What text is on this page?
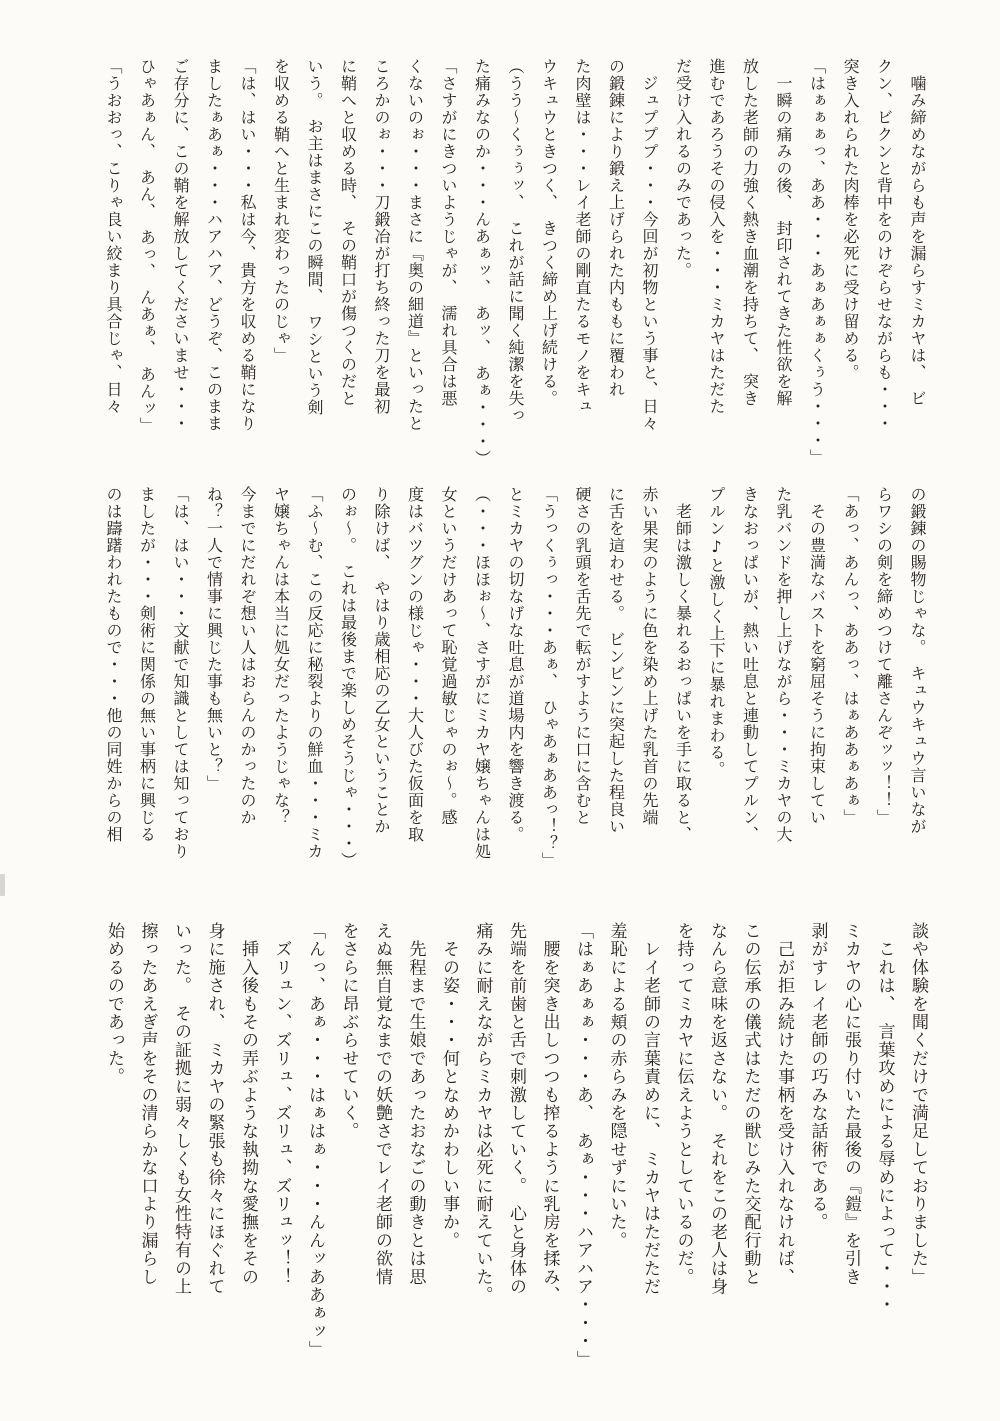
　噛み締めながらも声を漏らすミカヤは、　ビ
クン、ビクンと背中をのけぞらせながらも・・・
突き入れられた肉棒を必死に受け留める。
「はぁぁぁっ、ああ・・・あぁあぁぁくぅう・・・」
　一瞬の痛みの後、　封印されてきた性欲を解
放した老師の力強く熱き血潮を持ちて、　突き
進むであろうその侵入を・・・ミカヤはただた
だ受け入れるのみであった。
　ジュプププ・・・今回が初物という事と、日々
の鍛錬により鍛え上げられた内ももに覆われ
た肉壁は・・・レイ老師の剛直たるモノをキュ
ウキュウときつく、　きつく締め上げ続ける。
（うう〜くぅぅッ、　これが話に聞く純潔を失っ
た痛みなのか・・・んあぁッ、　あッ、　あぁ・・・）
「さすがにきついようじゃが、　濡れ具合は悪
くないのぉ・・・まさに『奥の細道』といったと
ころかのぉ・・・刀鍛冶が打ち終った刀を最初
に鞘へと収める時、　その鞘口が傷つくのだと
いう。　お主はまさにこの瞬間、　ワシという剣
を収める鞘へと生まれ変わったのじゃ」
「は、はい・・・私は今、貴方を収める鞘になり
ましたぁあぁ・・・ハアハア、どうぞ、このまま
ご存分に、この鞘を解放してくださいませ・・・
ひゃあぁん、　あん、　あっ、　んあぁ、　あんッ」
「うおおっ、こりゃ良い絞まり具合じゃ、日々
の鍛錬の賜物じゃな。　キュウキュウ言いなが
らワシの剣を締めつけて離さんぞッッ！！」
「あっ、あんっ、ああっ、はぁああぁあぁ」
　その豊満なバストを窮屈そうに拘束してい
た乳バンドを押し上げながら・・・ミカヤの大
きなおっぱいが、熱い吐息と連動してプルン、
プルン♪と激しく上下に暴れまわる。
　老師は激しく暴れるおっぱいを手に取ると、
赤い果実のように色を染め上げた乳首の先端
に舌を這わせる。　ビンビンに突起した程良い
硬さの乳頭を舌先で転がすように口に含むと
「うっくぅっ・・・あぁ、　ひゃあぁああっ！？」
とミカヤの切なげな吐息が道場内を響き渡る。
（・・・ほほぉ〜、さすがにミカヤ嬢ちゃんは処
女というだけあって恥覚過敏じゃのぉ〜。感
度はバツグンの様じゃ・・・大人びた仮面を取
り除けば、　やはり歳相応の乙女ということか
のぉ〜。　これは最後まで楽しめそうじゃ・・・）
「ふ〜む、この反応に秘裂よりの鮮血・・・ミカ
ヤ嬢ちゃんは本当に処女だったようじゃな？
今までにだれぞ想い人はおらんのかったのか
ね？一人で情事に興じた事も無いと？」
「は、はい・・・文献で知識としては知っており
ましたが・・・剣術に関係の無い事柄に興じる
のは躊躇われたもので・・・他の同姓からの相
談や体験を聞くだけで満足しておりました」
　これは、　言葉攻めによる辱めによって・・・
ミカヤの心に張り付いた最後の『鎧』を引き
剥がすレイ老師の巧みな話術である。
　己が拒み続けた事柄を受け入れなければ、
この伝承の儀式はただの獣じみた交配行動と
なんら意味を返さない。　それをこの老人は身
を持ってミカヤに伝えようとしているのだ。
　レイ老師の言葉責めに、　ミカヤはただただ
羞恥による頬の赤らみを隠せずにいた。
「はぁあぁぁ・・・あ、　あぁ・・・ハアハア・・・」
　腰を突き出しつつも搾るように乳房を揉み、
先端を前歯と舌で刺激していく。　心と身体の
痛みに耐えながらミカヤは必死に耐えていた。
　その姿・・・何となめかわしい事か。
　先程まで生娘であったおなごの動きとは思
えぬ無自覚なまでの妖艶さでレイ老師の欲情
をさらに昂ぶらせていく。
「んっ、あぁ・・・はぁはぁ・・・んんッああぁッ」
　ズリュン、ズリュ、ズリュ、ズリュッ！！
　挿入後もその弄ぶような執拗な愛撫をその
身に施され、　ミカヤの緊張も徐々にほぐれて
いった。　その証拠に弱々しくも女性特有の上
擦ったあえぎ声をその清らかな口より漏らし
始めるのであった。
